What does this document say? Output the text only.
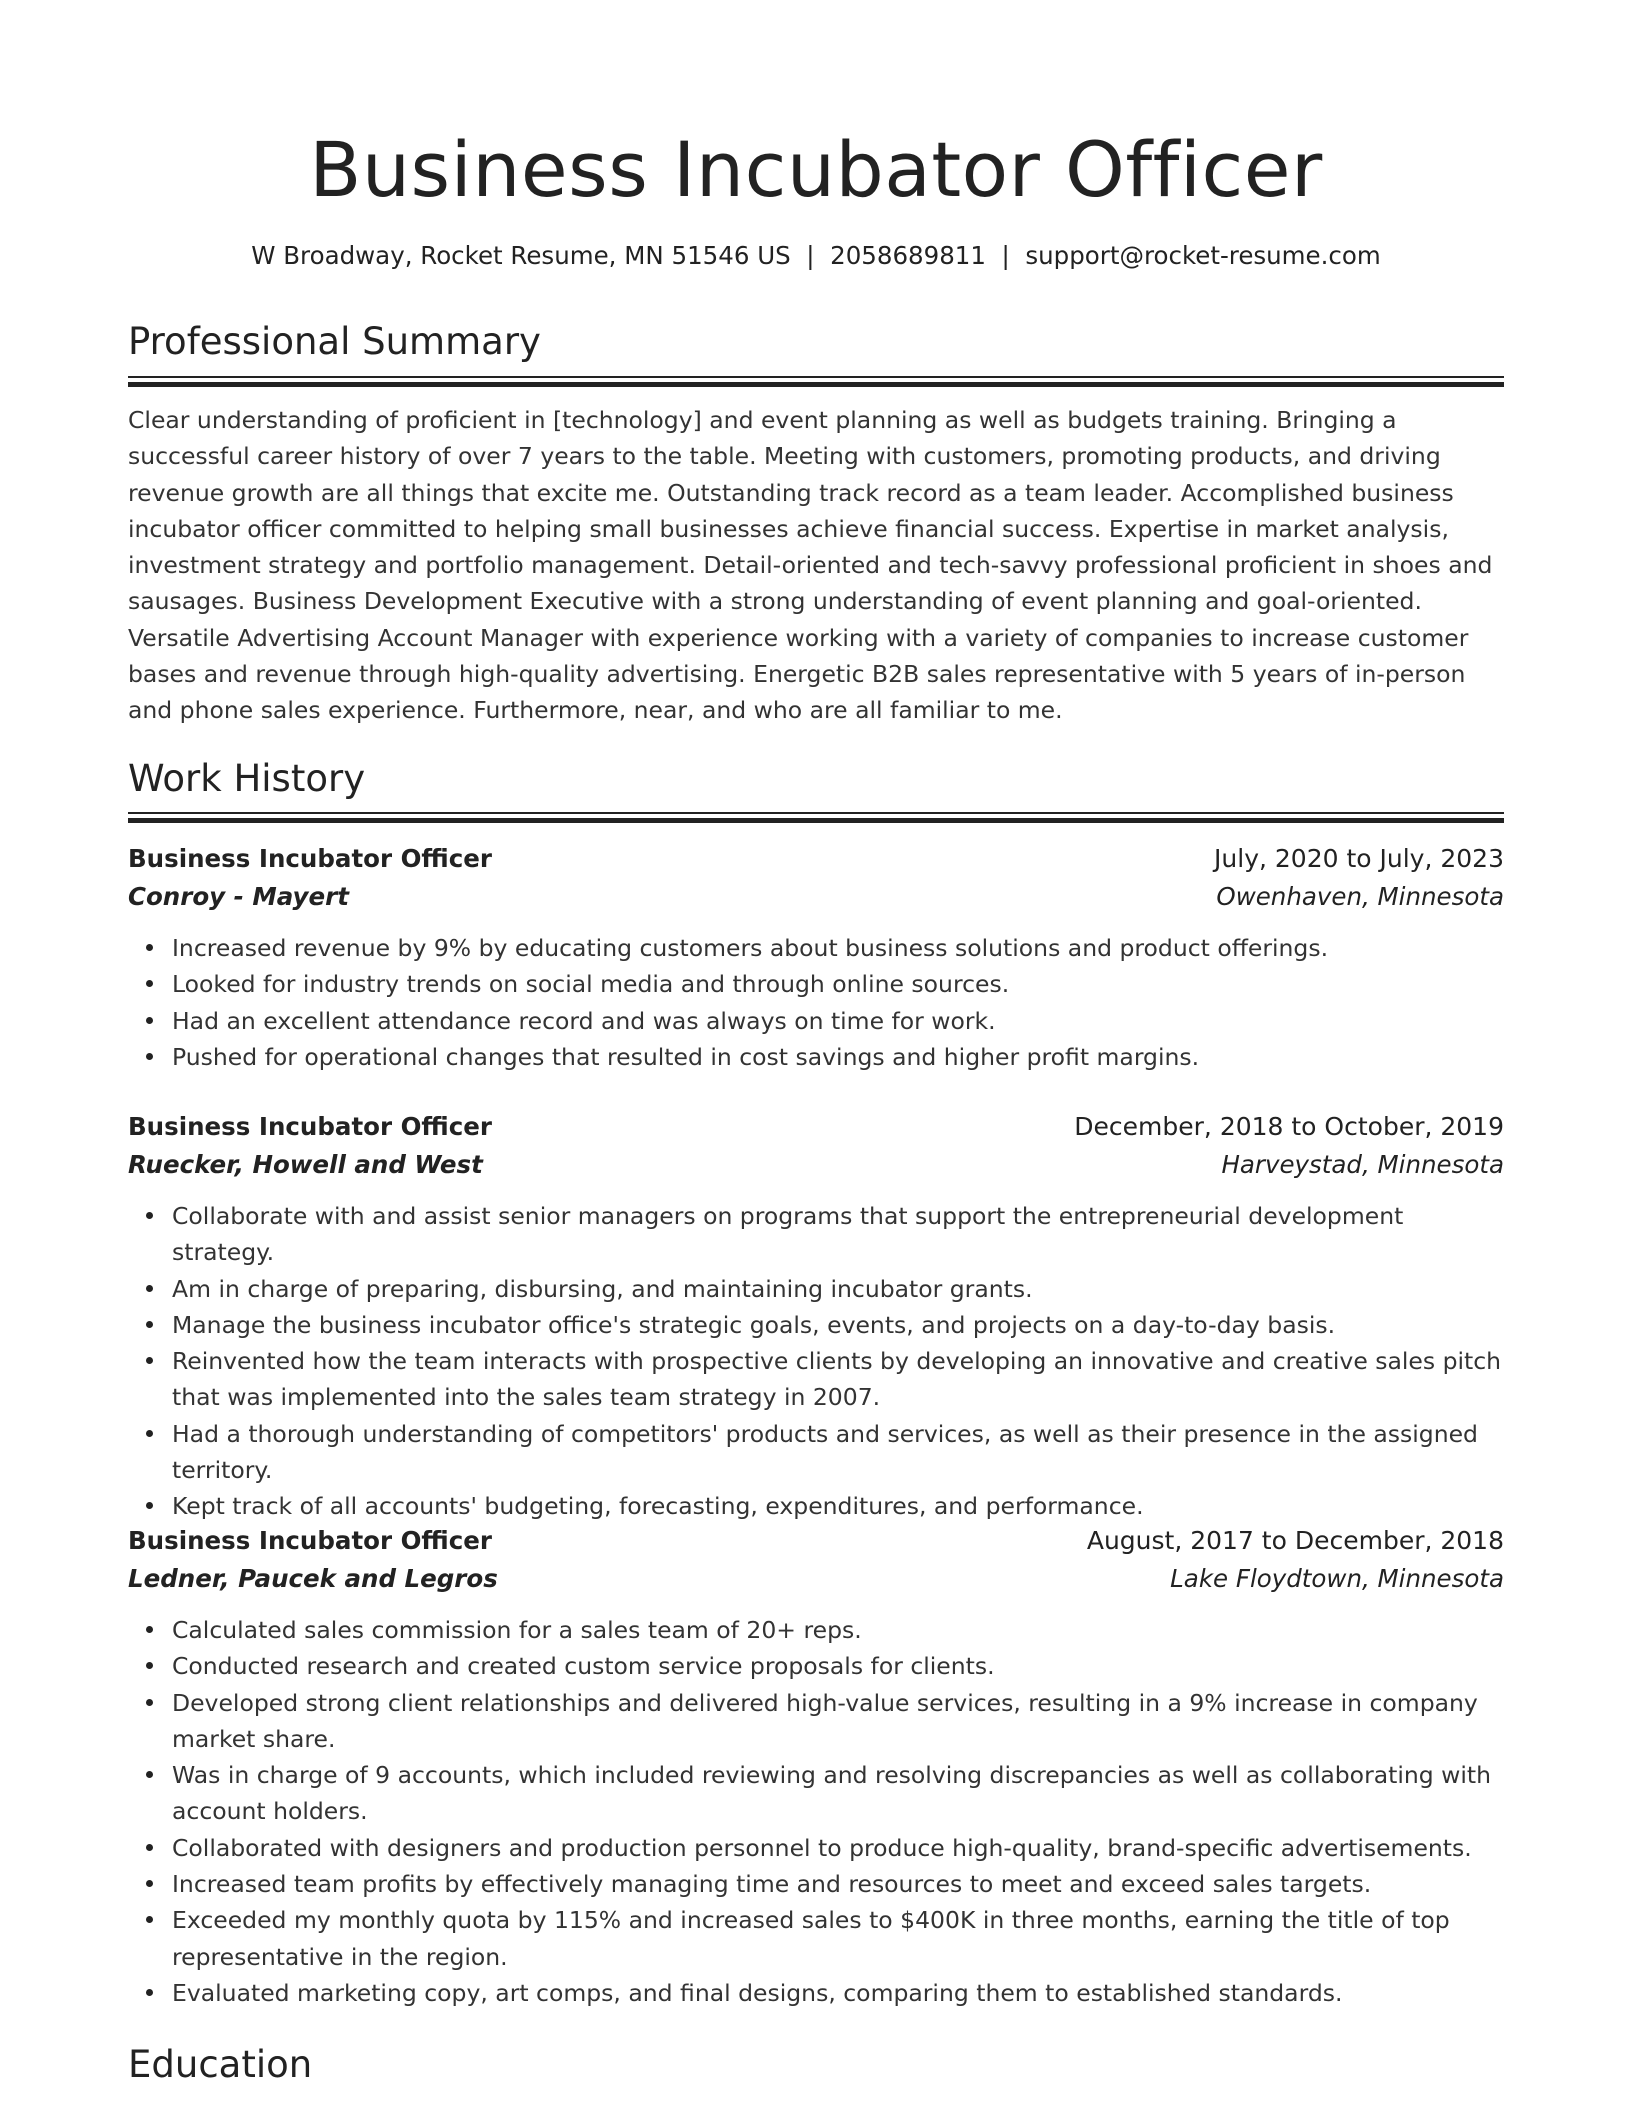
Business Incubator Officer
W Broadway, Rocket Resume, MN 51546 US  |  2058689811  |  support@rocket-resume.com
Professional Summary

Clear understanding of proficient in [technology] and event planning as well as budgets training. Bringing a successful career history of over 7 years to the table. Meeting with customers, promoting products, and driving revenue growth are all things that excite me. Outstanding track record as a team leader. Accomplished business incubator officer committed to helping small businesses achieve financial success. Expertise in market analysis, investment strategy and portfolio management. Detail-oriented and tech-savvy professional proficient in shoes and sausages. Business Development Executive with a strong understanding of event planning and goal-oriented. Versatile Advertising Account Manager with experience working with a variety of companies to increase customer bases and revenue through high-quality advertising. Energetic B2B sales representative with 5 years of in-person and phone sales experience. Furthermore, near, and who are all familiar to me.

Work History
Business Incubator Officer	July, 2020 to July, 2023
Conroy - Mayert	Owenhaven, Minnesota
Increased revenue by 9% by educating customers about business solutions and product offerings.
Looked for industry trends on social media and through online sources.
Had an excellent attendance record and was always on time for work.
Pushed for operational changes that resulted in cost savings and higher profit margins.
Business Incubator Officer	December, 2018 to October, 2019
Ruecker, Howell and West	Harveystad, Minnesota
Collaborate with and assist senior managers on programs that support the entrepreneurial development strategy.
Am in charge of preparing, disbursing, and maintaining incubator grants.
Manage the business incubator office's strategic goals, events, and projects on a day-to-day basis.
Reinvented how the team interacts with prospective clients by developing an innovative and creative sales pitch that was implemented into the sales team strategy in 2007.
Had a thorough understanding of competitors' products and services, as well as their presence in the assigned territory.
Kept track of all accounts' budgeting, forecasting, expenditures, and performance.
Business Incubator Officer	August, 2017 to December, 2018
Ledner, Paucek and Legros	Lake Floydtown, Minnesota
Calculated sales commission for a sales team of 20+ reps.
Conducted research and created custom service proposals for clients.
Developed strong client relationships and delivered high-value services, resulting in a 9% increase in company market share.
Was in charge of 9 accounts, which included reviewing and resolving discrepancies as well as collaborating with account holders.
Collaborated with designers and production personnel to produce high-quality, brand-specific advertisements.
Increased team profits by effectively managing time and resources to meet and exceed sales targets.
Exceeded my monthly quota by 115% and increased sales to $400K in three months, earning the title of top representative in the region.
Evaluated marketing copy, art comps, and final designs, comparing them to established standards.
Education
